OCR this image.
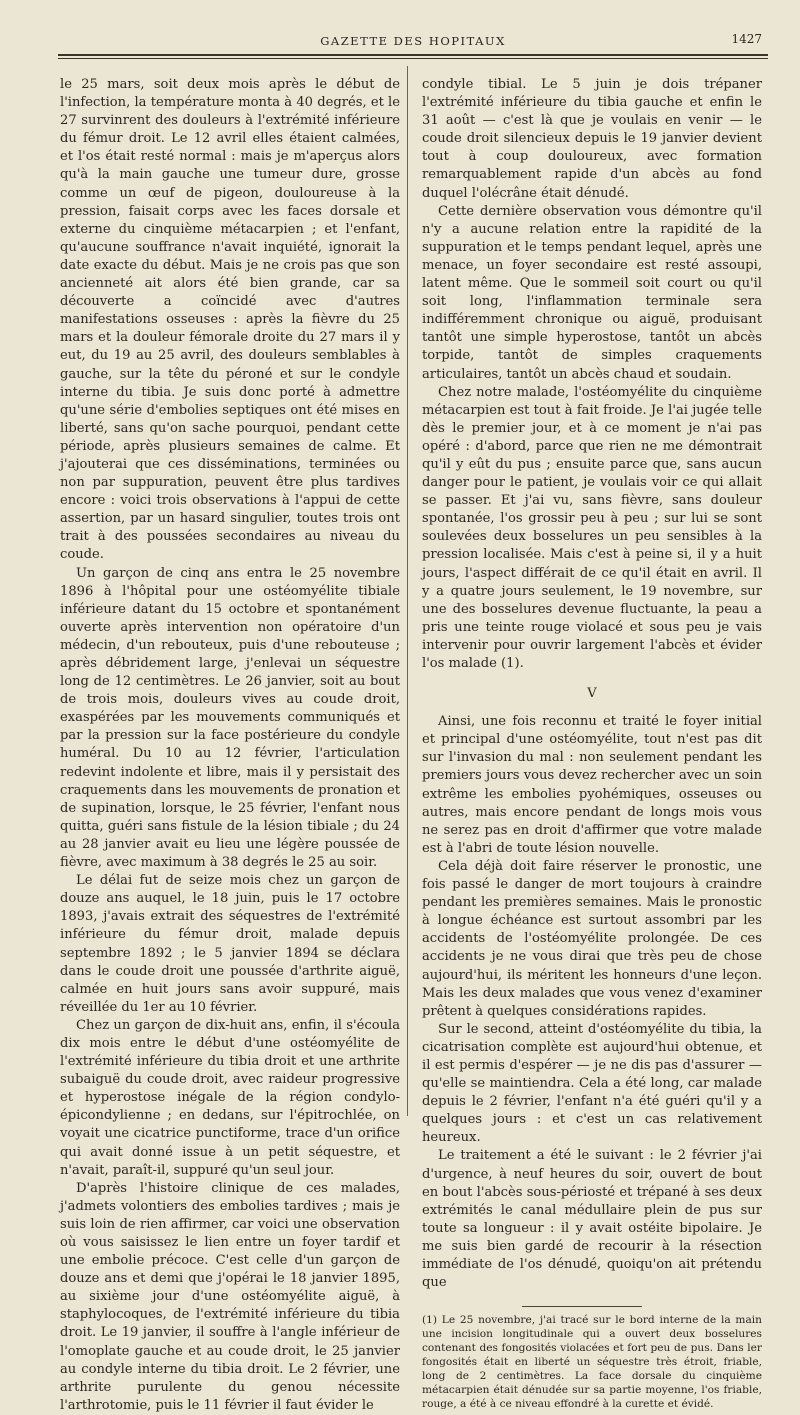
GAZETTE DES HOPITAUX	1427

le 25 mars, soit deux mois après le début de l'infection, la température monta à 40 degrés, et le 27 survinrent des douleurs à l'extrémité inférieure du fémur droit. Le 12 avril elles étaient calmées, et l'os était resté normal : mais je m'aperçus alors qu'à la main gauche une tumeur dure, grosse comme un œuf de pigeon, douloureuse à la pression, faisait corps avec les faces dorsale et externe du cinquième métacarpien ; et l'enfant, qu'aucune souffrance n'avait inquiété, ignorait la date exacte du début. Mais je ne crois pas que son ancienneté ait alors été bien grande, car sa découverte a coïncidé avec d'autres manifestations osseuses : après la fièvre du 25 mars et la douleur fémorale droite du 27 mars il y eut, du 19 au 25 avril, des douleurs semblables à gauche, sur la tête du péroné et sur le condyle interne du tibia. Je suis donc porté à admettre qu'une série d'embolies septiques ont été mises en liberté, sans qu'on sache pourquoi, pendant cette période, après plusieurs semaines de calme. Et j'ajouterai que ces disséminations, terminées ou non par suppuration, peuvent être plus tardives encore : voici trois observations à l'appui de cette assertion, par un hasard singulier, toutes trois ont trait à des poussées secondaires au niveau du coude.

Un garçon de cinq ans entra le 25 novembre 1896 à l'hôpital pour une ostéomyélite tibiale inférieure datant du 15 octobre et spontanément ouverte après intervention non opératoire d'un médecin, d'un rebouteux, puis d'une rebouteuse ; après débridement large, j'enlevai un séquestre long de 12 centimètres. Le 26 janvier, soit au bout de trois mois, douleurs vives au coude droit, exaspérées par les mouvements communiqués et par la pression sur la face postérieure du condyle huméral. Du 10 au 12 février, l'articulation redevint indolente et libre, mais il y persistait des craquements dans les mouvements de pronation et de supination, lorsque, le 25 février, l'enfant nous quitta, guéri sans fistule de la lésion tibiale ; du 24 au 28 janvier avait eu lieu une légère poussée de fièvre, avec maximum à 38 degrés le 25 au soir.

Le délai fut de seize mois chez un garçon de douze ans auquel, le 18 juin, puis le 17 octobre 1893, j'avais extrait des séquestres de l'extrémité inférieure du fémur droit, malade depuis septembre 1892 ; le 5 janvier 1894 se déclara dans le coude droit une poussée d'arthrite aiguë, calmée en huit jours sans avoir suppuré, mais réveillée du 1er au 10 février.

Chez un garçon de dix-huit ans, enfin, il s'écoula dix mois entre le début d'une ostéomyélite de l'extrémité inférieure du tibia droit et une arthrite subaiguë du coude droit, avec raideur progressive et hyperostose inégale de la région condylo-épicondylienne ; en dedans, sur l'épitrochlée, on voyait une cicatrice punctiforme, trace d'un orifice qui avait donné issue à un petit séquestre, et n'avait, paraît-il, suppuré qu'un seul jour.

D'après l'histoire clinique de ces malades, j'admets volontiers des embolies tardives ; mais je suis loin de rien affirmer, car voici une observation où vous saisissez le lien entre un foyer tardif et une embolie précoce. C'est celle d'un garçon de douze ans et demi que j'opérai le 18 janvier 1895, au sixième jour d'une ostéomyélite aiguë, à staphylocoques, de l'extrémité inférieure du tibia droit. Le 19 janvier, il souffre à l'angle inférieur de l'omoplate gauche et au coude droit, le 25 janvier au condyle interne du tibia droit. Le 2 février, une arthrite purulente du genou nécessite l'arthrotomie, puis le 11 février il faut évider le

condyle tibial. Le 5 juin je dois trépaner l'extrémité inférieure du tibia gauche et enfin le 31 août — c'est là que je voulais en venir — le coude droit silencieux depuis le 19 janvier devient tout à coup douloureux, avec formation remarquablement rapide d'un abcès au fond duquel l'olécrâne était dénudé.

Cette dernière observation vous démontre qu'il n'y a aucune relation entre la rapidité de la suppuration et le temps pendant lequel, après une menace, un foyer secondaire est resté assoupi, latent même. Que le sommeil soit court ou qu'il soit long, l'inflammation terminale sera indifféremment chronique ou aiguë, produisant tantôt une simple hyperostose, tantôt un abcès torpide, tantôt de simples craquements articulaires, tantôt un abcès chaud et soudain.

Chez notre malade, l'ostéomyélite du cinquième métacarpien est tout à fait froide. Je l'ai jugée telle dès le premier jour, et à ce moment je n'ai pas opéré : d'abord, parce que rien ne me démontrait qu'il y eût du pus ; ensuite parce que, sans aucun danger pour le patient, je voulais voir ce qui allait se passer. Et j'ai vu, sans fièvre, sans douleur spontanée, l'os grossir peu à peu ; sur lui se sont soulevées deux bosselures un peu sensibles à la pression localisée. Mais c'est à peine si, il y a huit jours, l'aspect différait de ce qu'il était en avril. Il y a quatre jours seulement, le 19 novembre, sur une des bosselures devenue fluctuante, la peau a pris une teinte rouge violacé et sous peu je vais intervenir pour ouvrir largement l'abcès et évider l'os malade (1).

V

Ainsi, une fois reconnu et traité le foyer initial et principal d'une ostéomyélite, tout n'est pas dit sur l'invasion du mal : non seulement pendant les premiers jours vous devez rechercher avec un soin extrême les embolies pyohémiques, osseuses ou autres, mais encore pendant de longs mois vous ne serez pas en droit d'affirmer que votre malade est à l'abri de toute lésion nouvelle.

Cela déjà doit faire réserver le pronostic, une fois passé le danger de mort toujours à craindre pendant les premières semaines. Mais le pronostic à longue échéance est surtout assombri par les accidents de l'ostéomyélite prolongée. De ces accidents je ne vous dirai que très peu de chose aujourd'hui, ils méritent les honneurs d'une leçon. Mais les deux malades que vous venez d'examiner prêtent à quelques considérations rapides.

Sur le second, atteint d'ostéomyélite du tibia, la cicatrisation complète est aujourd'hui obtenue, et il est permis d'espérer — je ne dis pas d'assurer — qu'elle se maintiendra. Cela a été long, car malade depuis le 2 février, l'enfant n'a été guéri qu'il y a quelques jours : et c'est un cas relativement heureux.

Le traitement a été le suivant : le 2 février j'ai d'urgence, à neuf heures du soir, ouvert de bout en bout l'abcès sous-périosté et trépané à ses deux extrémités le canal médullaire plein de pus sur toute sa longueur : il y avait ostéite bipolaire. Je me suis bien gardé de recourir à la résection immédiate de l'os dénudé, quoiqu'on ait prétendu que

(1) Le 25 novembre, j'ai tracé sur le bord interne de la main une incision longitudinale qui a ouvert deux bosselures contenant des fongosités violacées et fort peu de pus. Dans ler fongosités était en liberté un séquestre très étroit, friable, long de 2 centimètres. La face dorsale du cinquième métacarpien était dénudée sur sa partie moyenne, l'os friable, rouge, a été à ce niveau effondré à la curette et évidé.
